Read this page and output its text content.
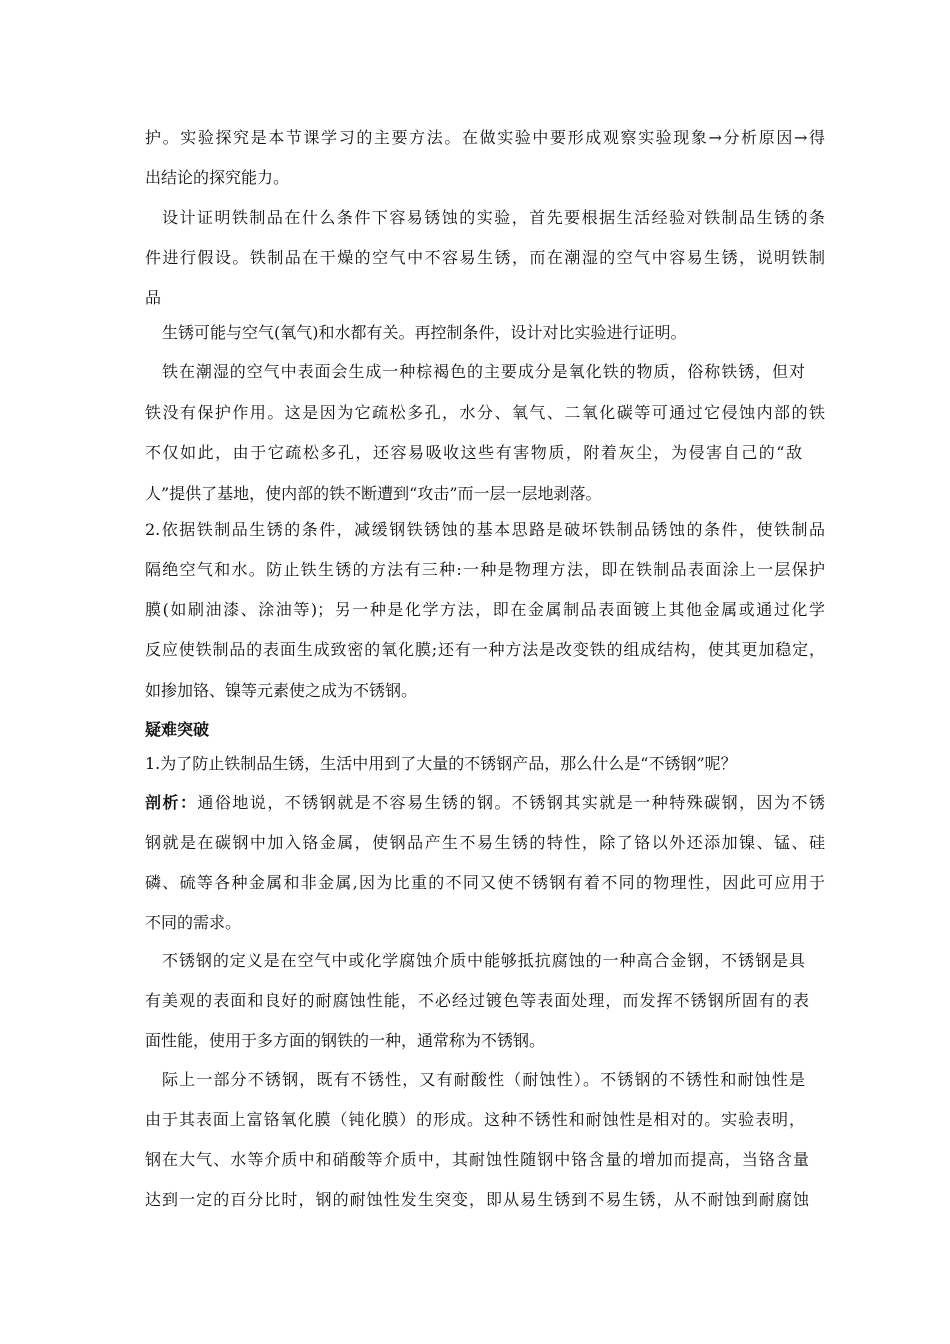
护。实验探究是本节课学习的主要方法。在做实验中要形成观察实验现象→分析原因→得
出结论的探究能力。
设计证明铁制品在什么条件下容易锈蚀的实验，首先要根据生活经验对铁制品生锈的条
件进行假设。铁制品在干燥的空气中不容易生锈，而在潮湿的空气中容易生锈，说明铁制
品
生锈可能与空气(氧气)和水都有关。再控制条件，设计对比实验进行证明。
铁在潮湿的空气中表面会生成一种棕褐色的主要成分是氧化铁的物质，俗称铁锈，但对
铁没有保护作用。这是因为它疏松多孔，水分、氧气、二氧化碳等可通过它侵蚀内部的铁
不仅如此，由于它疏松多孔，还容易吸收这些有害物质，附着灰尘，为侵害自己的“敌
人”提供了基地，使内部的铁不断遭到“攻击”而一层一层地剥落。
2.依据铁制品生锈的条件，减缓钢铁锈蚀的基本思路是破坏铁制品锈蚀的条件，使铁制品
隔绝空气和水。防止铁生锈的方法有三种:一种是物理方法，即在铁制品表面涂上一层保护
膜(如刷油漆、涂油等)；另一种是化学方法，即在金属制品表面镀上其他金属或通过化学
反应使铁制品的表面生成致密的氧化膜;还有一种方法是改变铁的组成结构，使其更加稳定，
如掺加铬、镍等元素使之成为不锈钢。
疑难突破
1.为了防止铁制品生锈，生活中用到了大量的不锈钢产品，那么什么是“不锈钢”呢？
剖析：通俗地说，不锈钢就是不容易生锈的钢。不锈钢其实就是一种特殊碳钢，因为不锈
钢就是在碳钢中加入铬金属，使钢品产生不易生锈的特性，除了铬以外还添加镍、锰、硅
磷、硫等各种金属和非金属,因为比重的不同又使不锈钢有着不同的物理性，因此可应用于
不同的需求。
不锈钢的定义是在空气中或化学腐蚀介质中能够抵抗腐蚀的一种高合金钢，不锈钢是具
有美观的表面和良好的耐腐蚀性能，不必经过镀色等表面处理，而发挥不锈钢所固有的表
面性能，使用于多方面的钢铁的一种，通常称为不锈钢。
际上一部分不锈钢，既有不锈性，又有耐酸性（耐蚀性）。不锈钢的不锈性和耐蚀性是
由于其表面上富铬氧化膜（钝化膜）的形成。这种不锈性和耐蚀性是相对的。实验表明，
钢在大气、水等介质中和硝酸等介质中，其耐蚀性随钢中铬含量的增加而提高，当铬含量
达到一定的百分比时，钢的耐蚀性发生突变，即从易生锈到不易生锈，从不耐蚀到耐腐蚀
